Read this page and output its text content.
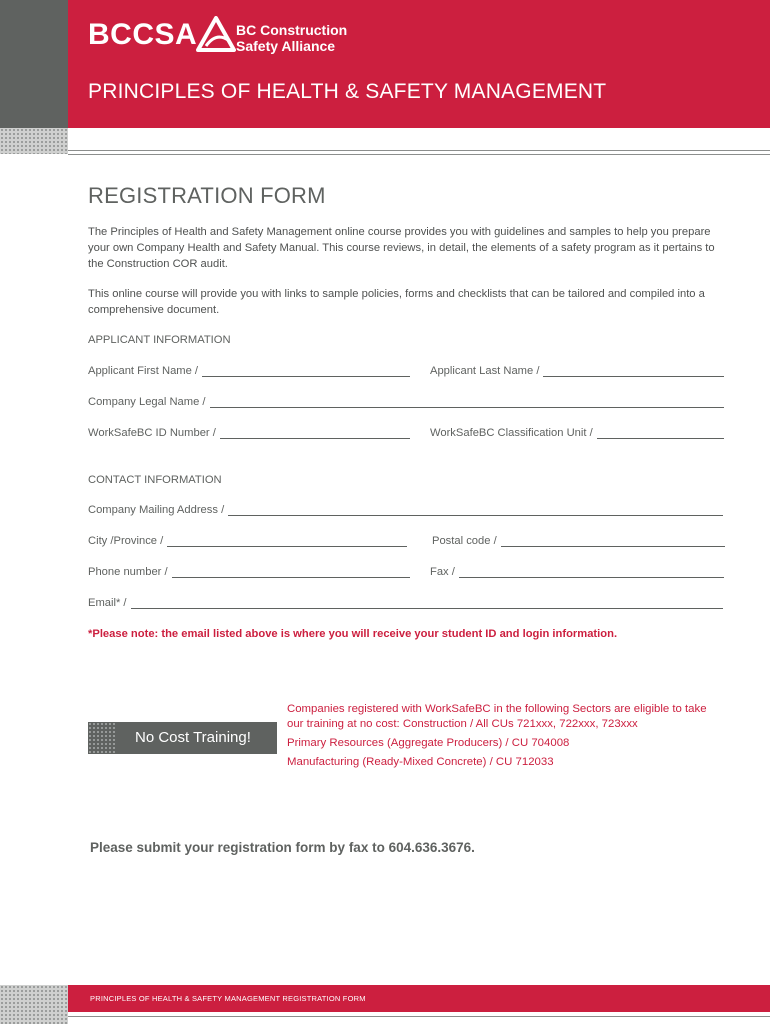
BCCSA	BC Construction
Safety Alliance
PRINCIPLES OF HEALTH & SAFETY MANAGEMENT
REGISTRATION FORM
The Principles of Health and Safety Management online course provides you with guidelines and samples to help you prepare your own Company Health and Safety Manual. This course reviews, in detail, the elements of a safety program as it pertains to the Construction COR audit.
This online course will provide you with links to sample policies, forms and checklists that can be tailored and compiled into a comprehensive document.
APPLICANT INFORMATION
Applicant First Name /	Applicant Last Name /
Company Legal Name /
WorkSafeBC ID Number /	WorkSafeBC Classification Unit /
CONTACT INFORMATION
Company Mailing Address /
City /Province /	Postal code /
Phone number /	Fax /
Email* /
*Please note: the email listed above is where you will receive your student ID and login information.
No Cost Training!
Companies registered with WorkSafeBC in the following Sectors are eligible to take
our training at no cost: Construction / All CUs 721xxx, 722xxx, 723xxx
Primary Resources (Aggregate Producers) / CU 704008
Manufacturing (Ready-Mixed Concrete) / CU 712033
Please submit your registration form by fax to 604.636.3676.
PRINCIPLES OF HEALTH & SAFETY MANAGEMENT REGISTRATION FORM
